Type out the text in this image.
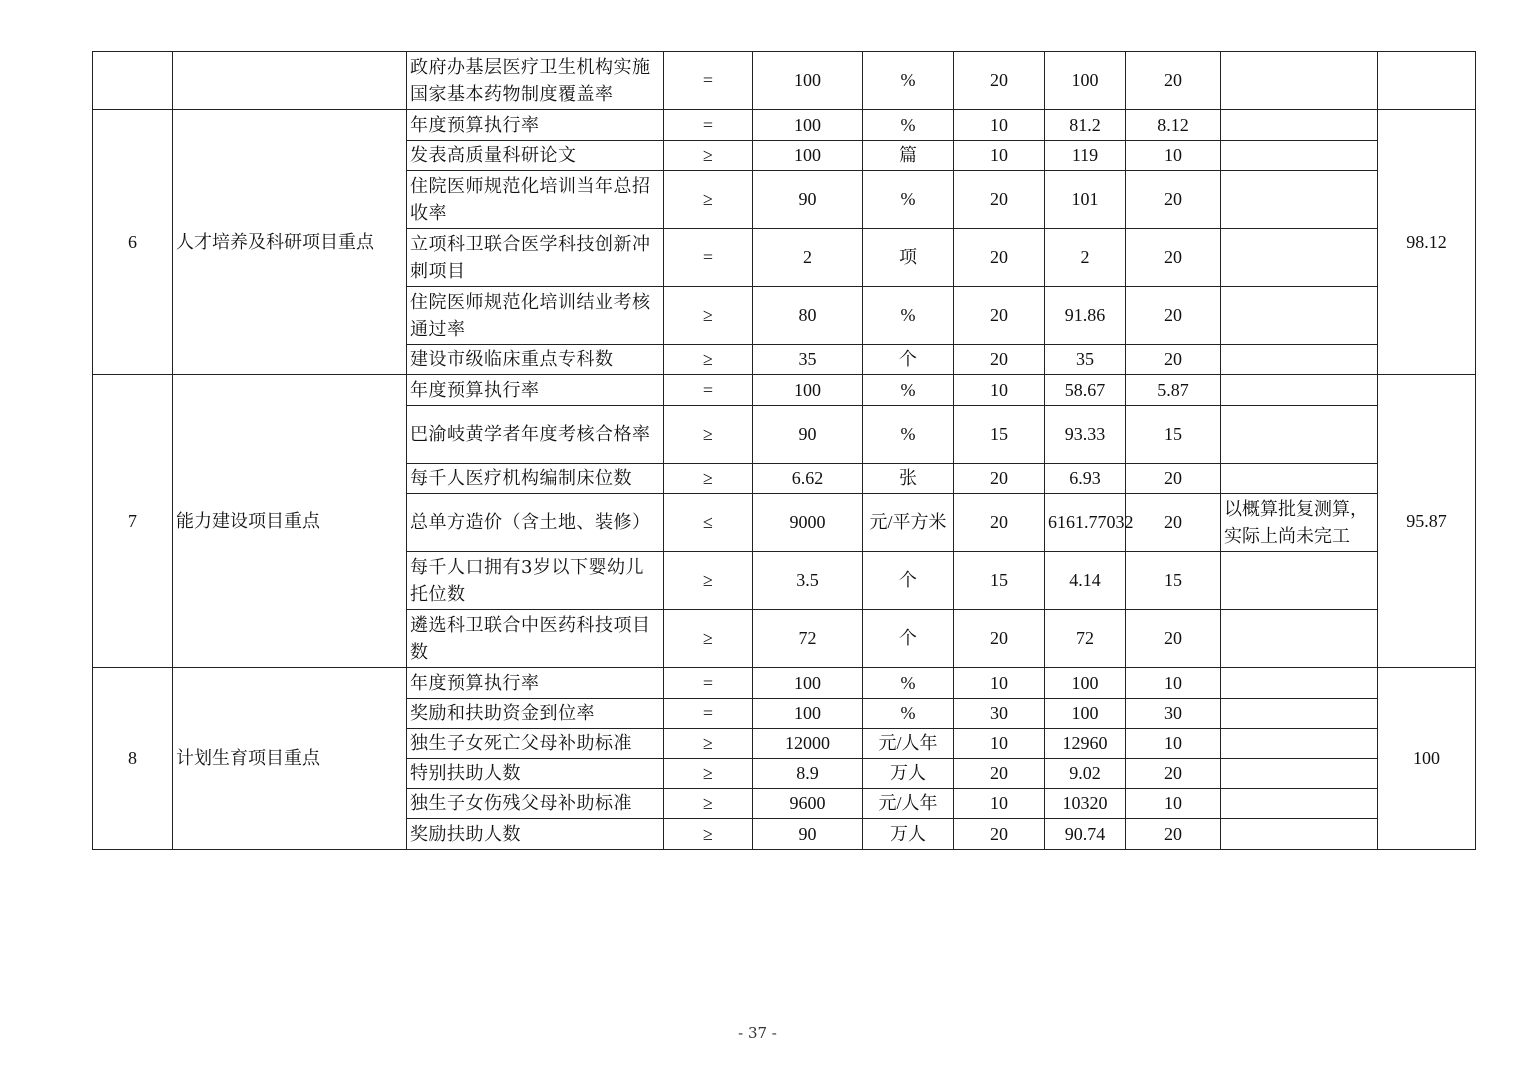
		政府办基层医疗卫生机构实施国家基本药物制度覆盖率	=	100	%	20	100	20		
6	人才培养及科研项目重点	年度预算执行率	=	100	%	10	81.2	8.12		98.12
		发表高质量科研论文	≥	100	篇	10	119	10		
		住院医师规范化培训当年总招收率	≥	90	%	20	101	20		
		立项科卫联合医学科技创新冲刺项目	=	2	项	20	2	20		
		住院医师规范化培训结业考核通过率	≥	80	%	20	91.86	20		
		建设市级临床重点专科数	≥	35	个	20	35	20		
7	能力建设项目重点	年度预算执行率	=	100	%	10	58.67	5.87		95.87
		巴渝岐黄学者年度考核合格率	≥	90	%	15	93.33	15		
		每千人医疗机构编制床位数	≥	6.62	张	20	6.93	20		
		总单方造价（含土地、装修）	≤	9000	元/平方米	20	6161.77032	20	以概算批复测算，实际上尚未完工	
		每千人口拥有3岁以下婴幼儿托位数	≥	3.5	个	15	4.14	15		
		遴选科卫联合中医药科技项目数	≥	72	个	20	72	20		
8	计划生育项目重点	年度预算执行率	=	100	%	10	100	10		100
		奖励和扶助资金到位率	=	100	%	30	100	30		
		独生子女死亡父母补助标准	≥	12000	元/人年	10	12960	10		
		特别扶助人数	≥	8.9	万人	20	9.02	20		
		独生子女伤残父母补助标准	≥	9600	元/人年	10	10320	10		
		奖励扶助人数	≥	90	万人	20	90.74	20		
- 37 -
